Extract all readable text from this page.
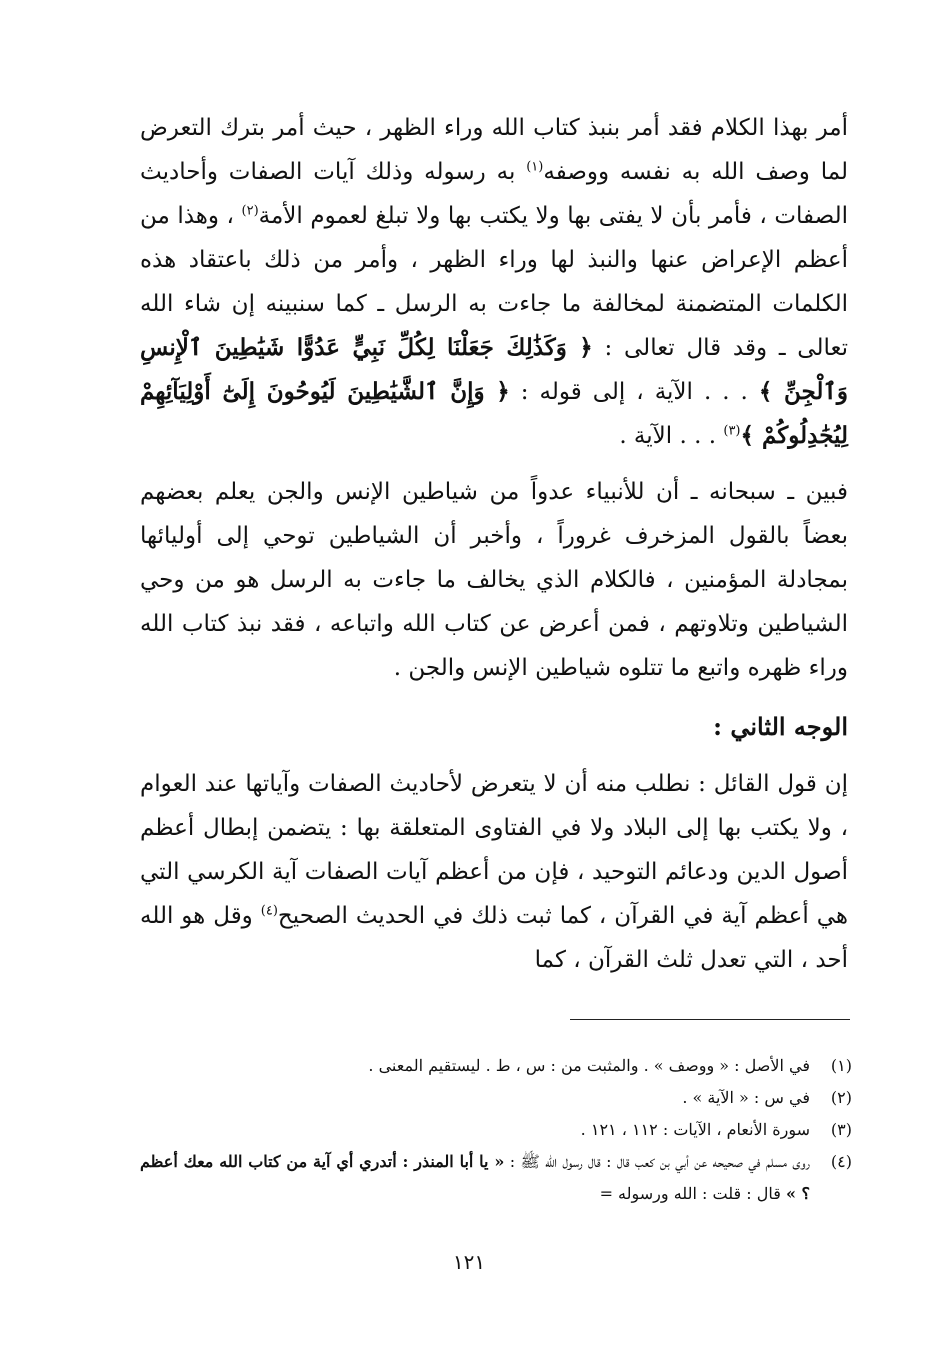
أمر بهذا الكلام فقد أمر بنبذ كتاب الله وراء الظهر ، حيث أمر بترك التعرض لما وصف الله به نفسه ووصفه$^{(١)}$ به رسوله وذلك آيات الصفات وأحاديث الصفات ، فأمر بأن لا يفتى بها ولا يكتب بها ولا تبلغ لعموم الأمة$^{(٢)}$ ، وهذا من أعظم الإعراض عنها والنبذ لها وراء الظهر ، وأمر من ذلك باعتقاد هذه الكلمات المتضمنة لمخالفة ما جاءت به الرسل ـ كما سنبينه إن شاء الله تعالى ـ وقد قال تعالى : ﴿ وَكَذَٰلِكَ جَعَلْنَا لِكُلِّ نَبِيٍّ عَدُوًّا شَيَٰطِينَ ٱلْإِنسِ وَٱلْجِنِّ ﴾ . . . الآية ، إلى قوله : ﴿ وَإِنَّ ٱلشَّيَٰطِينَ لَيُوحُونَ إِلَىٰٓ أَوْلِيَآئِهِمْ لِيُجَٰدِلُوكُمْ ﴾$^{(٣)}$ . . . الآية .

فبين ـ سبحانه ـ أن للأنبياء عدواً من شياطين الإنس والجن يعلم بعضهم بعضاً بالقول المزخرف غروراً ، وأخبر أن الشياطين توحي إلى أوليائها بمجادلة المؤمنين ، فالكلام الذي يخالف ما جاءت به الرسل هو من وحي الشياطين وتلاوتهم ، فمن أعرض عن كتاب الله واتباعه ، فقد نبذ كتاب الله وراء ظهره واتبع ما تتلوه شياطين الإنس والجن .

الوجه الثاني :

إن قول القائل : نطلب منه أن لا يتعرض لأحاديث الصفات وآياتها عند العوام ، ولا يكتب بها إلى البلاد ولا في الفتاوى المتعلقة بها : يتضمن إبطال أعظم أصول الدين ودعائم التوحيد ، فإن من أعظم آيات الصفات آية الكرسي التي هي أعظم آية في القرآن ، كما ثبت ذلك في الحديث الصحيح$^{(٤)}$ وقل هو الله أحد ، التي تعدل ثلث القرآن ، كما

(١)
في الأصل : « ووصف » . والمثبت من : س ، ط . ليستقيم المعنى .
(٢)
في س : « الآية » .
(٣)
سورة الأنعام ، الآيات : ١١٢ ، ١٢١ .
(٤)
روى مسلم في صحيحه عن أبي بن كعب قال : قال رسول الله ﷺ : « يا أبا المنذر : أتدري أي آية من كتاب الله معك أعظم ؟ » قال : قلت : الله ورسوله =
١٢١
